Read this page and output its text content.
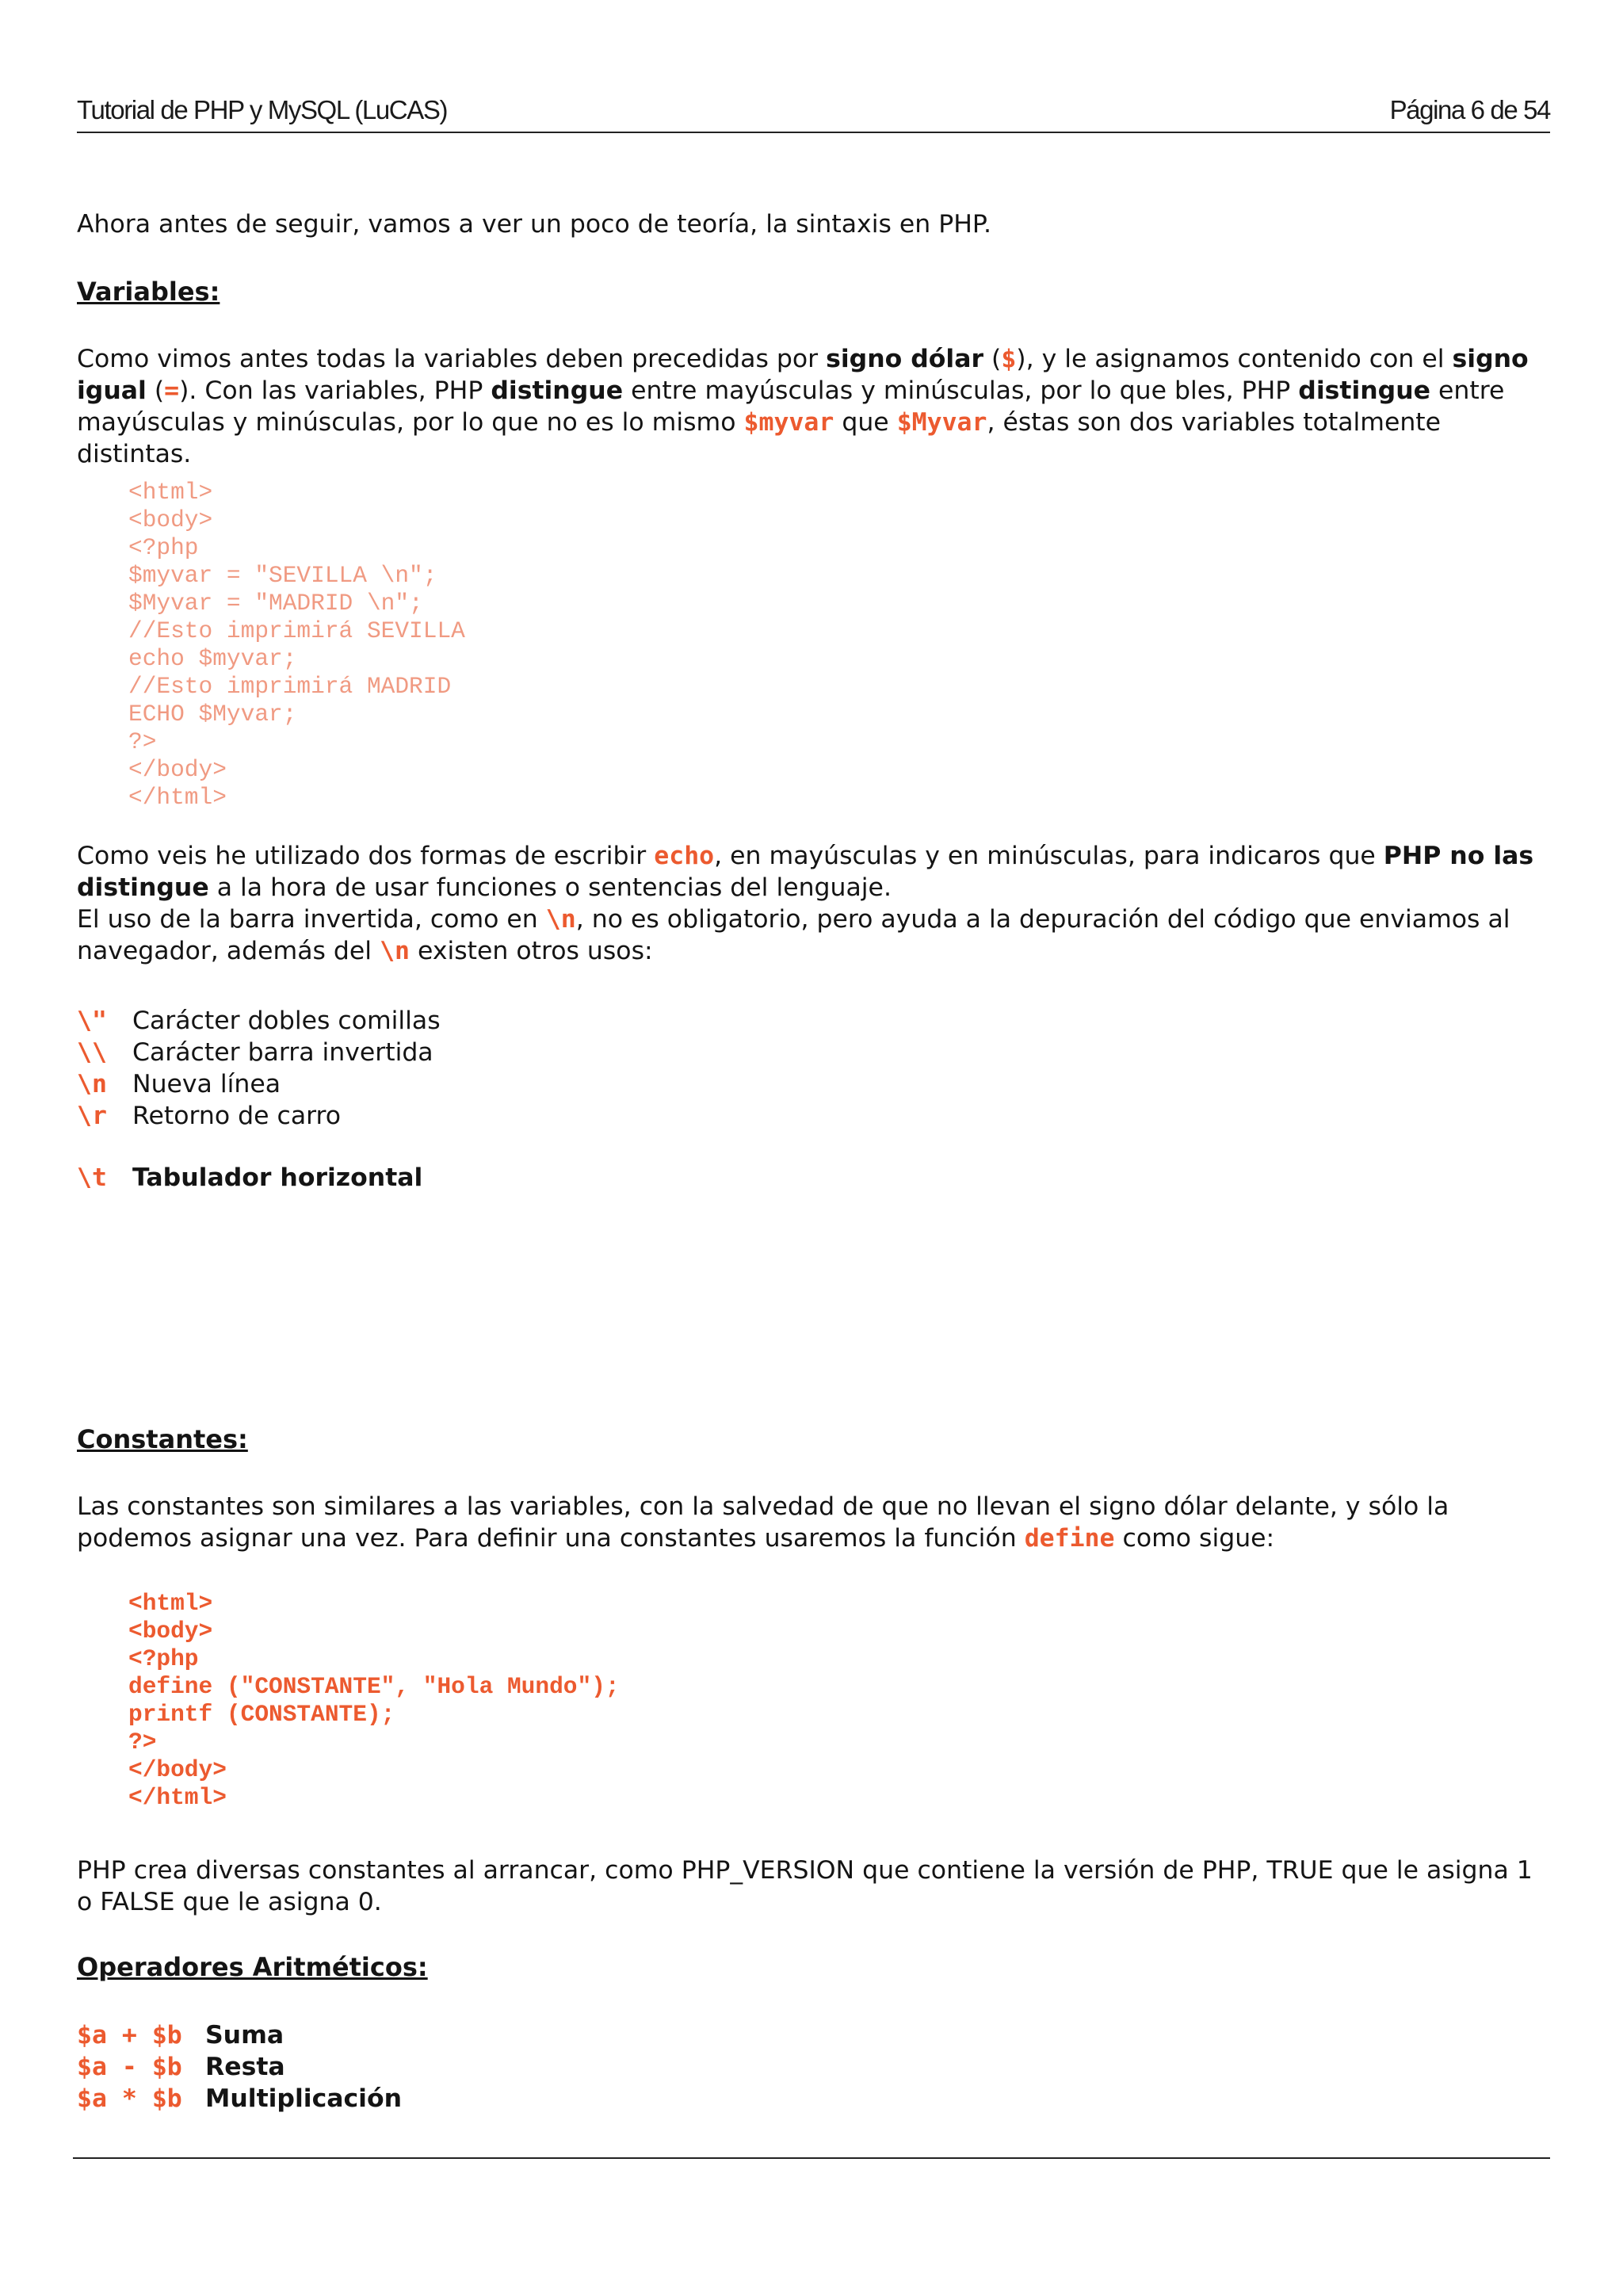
Tutorial de PHP y MySQL (LuCAS)	Página 6 de 54

Ahora antes de seguir, vamos a ver un poco de teoría, la sintaxis en PHP.

Variables:

Como vimos antes todas la variables deben precedidas por signo dólar ($), y le asignamos contenido con el signo igual (=). Con las variables, PHP distingue entre mayúsculas y minúsculas, por lo que bles, PHP distingue entre mayúsculas y minúsculas, por lo que no es lo mismo $myvar que $Myvar, éstas son dos variables totalmente distintas.

<html>
<body>
<?php
$myvar = "SEVILLA \n";
$Myvar = "MADRID \n";
//Esto imprimirá SEVILLA
echo $myvar;
//Esto imprimirá MADRID
ECHO $Myvar;
?>
</body>
</html>

Como veis he utilizado dos formas de escribir echo, en mayúsculas y en minúsculas, para indicaros que PHP no las distingue a la hora de usar funciones o sentencias del lenguaje.

El uso de la barra invertida, como en \n, no es obligatorio, pero ayuda a la depuración del código que enviamos al navegador, además del \n existen otros usos:

\" Carácter dobles comillas
\\ Carácter barra invertida
\n Nueva línea
\r Retorno de carro
\t Tabulador horizontal

Constantes:

Las constantes son similares a las variables, con la salvedad de que no llevan el signo dólar delante, y sólo la podemos asignar una vez. Para definir una constantes usaremos la función define como sigue:

<html>
<body>
<?php
define ("CONSTANTE", "Hola Mundo");
printf (CONSTANTE);
?>
</body>
</html>

PHP crea diversas constantes al arrancar, como PHP_VERSION que contiene la versión de PHP, TRUE que le asigna 1 o FALSE que le asigna 0.

Operadores Aritméticos:

$a + $b Suma
$a - $b Resta
$a * $b Multiplicación
